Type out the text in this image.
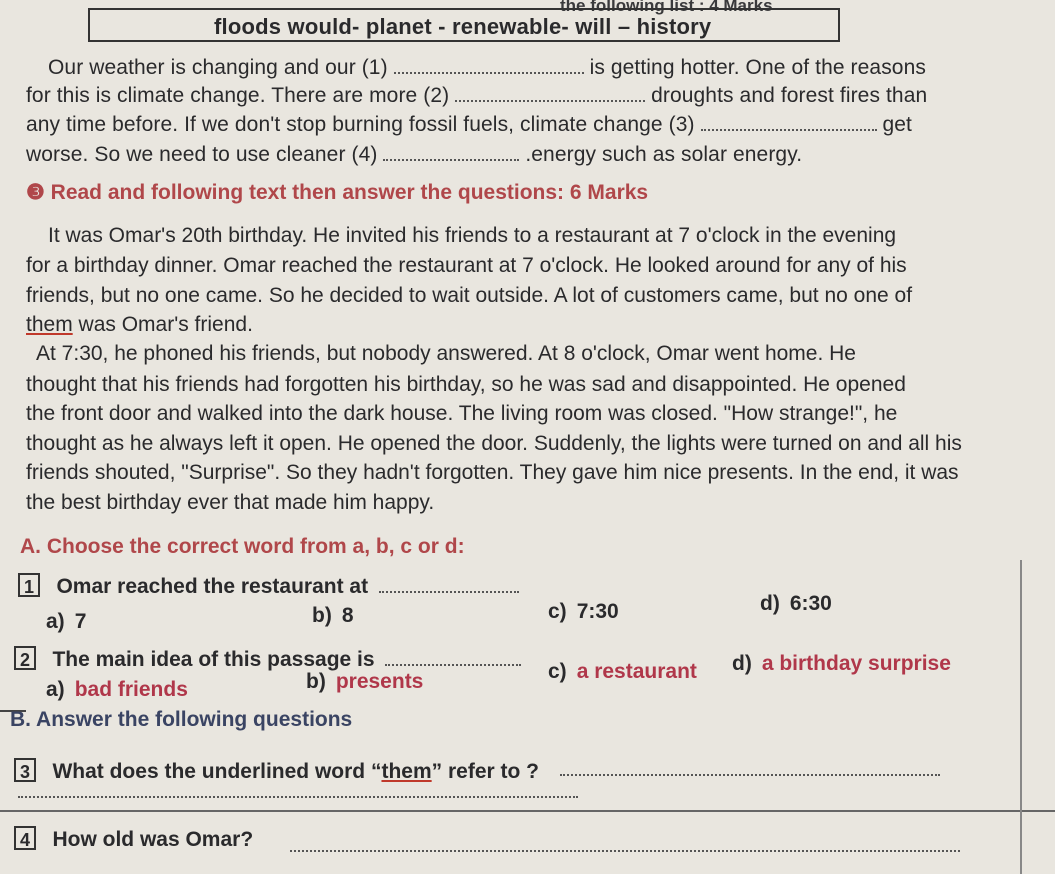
the following list : 4 Marks
floods would- planet - renewable- will – history
Our weather is changing and our (1)	is getting hotter. One of the reasons
for this is climate change. There are more (2)	droughts and forest fires than
any time before. If we don't stop burning fossil fuels, climate change (3)	get
worse. So we need to use cleaner (4)	.energy such as solar energy.
❸ Read and following text then answer the questions: 6 Marks
It was Omar's 20th birthday. He invited his friends to a restaurant at 7 o'clock in the evening
for a birthday dinner. Omar reached the restaurant at 7 o'clock. He looked around for any of his
friends, but no one came. So he decided to wait outside. A lot of customers came, but no one of
them was Omar's friend.
At 7:30, he phoned his friends, but nobody answered. At 8 o'clock, Omar went home. He
thought that his friends had forgotten his birthday, so he was sad and disappointed. He opened
the front door and walked into the dark house. The living room was closed. "How strange!", he
thought as he always left it open. He opened the door. Suddenly, the lights were turned on and all his
friends shouted, "Surprise". So they hadn't forgotten. They gave him nice presents. In the end, it was
the best birthday ever that made him happy.
A. Choose the correct word from a, b, c or d:
1 Omar reached the restaurant at
a) 7	b) 8	c) 7:30	d) 6:30
2 The main idea of this passage is
a) bad friends	b) presents	c) a restaurant d) a birthday surprise
B. Answer the following questions
3 What does the underlined word “them” refer to ?
4 How old was Omar?
